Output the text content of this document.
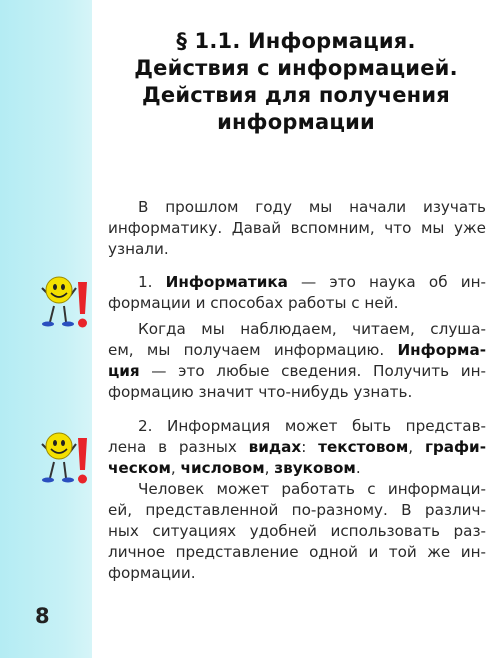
§ 1.1. Информация.
Действия с информацией.
Действия для получения
информации
В прошлом году мы начали изучать
информатику. Давай вспомним, что мы уже
узнали.
1. Информатика — это наука об ин-
формации и способах работы с ней.
Когда мы наблюдаем, читаем, слуша-
ем, мы получаем информацию. Информа-
ция — это любые сведения. Получить ин-
формацию значит что-нибудь узнать.
2. Информация может быть представ-
лена в разных видах: текстовом, графи-
ческом, числовом, звуковом.
Человек может работать с информаци-
ей, представленной по-разному. В различ-
ных ситуациях удобней использовать раз-
личное представление одной и той же ин-
формации.
8
